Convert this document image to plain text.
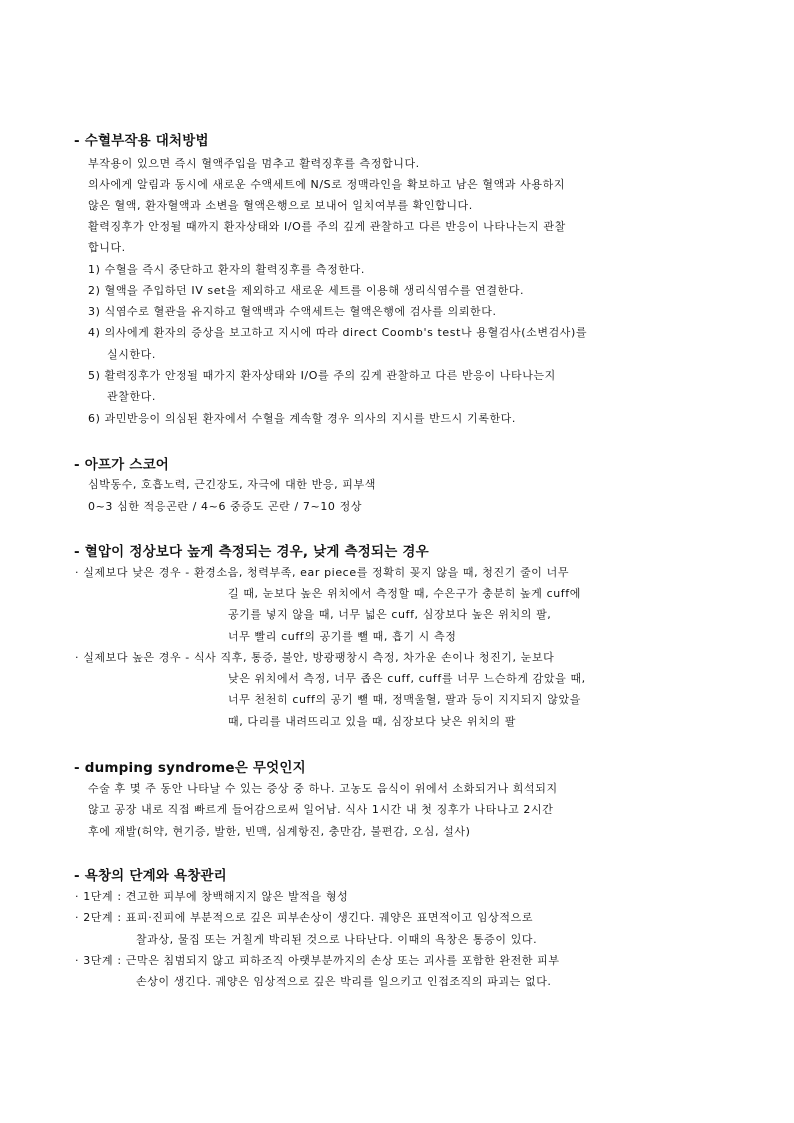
- 수혈부작용 대처방법
부작용이 있으면 즉시 혈액주입을 멈추고 활력징후를 측정합니다.
의사에게 알림과 동시에 새로운 수액세트에 N/S로 정맥라인을 확보하고 남은 혈액과 사용하지
않은 혈액, 환자혈액과 소변을 혈액은행으로 보내어 일치여부를 확인합니다.
활력징후가 안정될 때까지 환자상태와 I/O를 주의 깊게 관찰하고 다른 반응이 나타나는지 관찰
합니다.
1) 수혈을 즉시 중단하고 환자의 활력징후를 측정한다.
2) 혈액을 주입하던 IV set을 제외하고 새로운 세트를 이용해 생리식염수를 연결한다.
3) 식염수로 혈관을 유지하고 혈액백과 수액세트는 혈액은행에 검사를 의뢰한다.
4) 의사에게 환자의 증상을 보고하고 지시에 따라 direct Coomb's test나 용혈검사(소변검사)를
실시한다.
5) 활력징후가 안정될 때가지 환자상태와 I/O를 주의 깊게 관찰하고 다른 반응이 나타나는지
관찰한다.
6) 과민반응이 의심된 환자에서 수혈을 계속할 경우 의사의 지시를 반드시 기록한다.
- 아프가 스코어
심박동수, 호흡노력, 근긴장도, 자극에 대한 반응, 피부색
0~3 심한 적응곤란 / 4~6 중증도 곤란 / 7~10 정상
- 혈압이 정상보다 높게 측정되는 경우, 낮게 측정되는 경우
· 실제보다 낮은 경우 - 환경소음, 청력부족, ear piece를 정확히 꽂지 않을 때, 청진기 줄이 너무
길 때, 눈보다 높은 위치에서 측정할 때, 수은구가 충분히 높게 cuff에
공기를 넣지 않을 때, 너무 넓은 cuff, 심장보다 높은 위치의 팔,
너무 빨리 cuff의 공기를 뺄 때, 흡기 시 측정
· 실제보다 높은 경우 - 식사 직후, 통증, 불안, 방광팽창시 측정, 차가운 손이나 청진기, 눈보다
낮은 위치에서 측정, 너무 좁은 cuff, cuff를 너무 느슨하게 감았을 때,
너무 천천히 cuff의 공기 뺄 때, 정맥울혈, 팔과 등이 지지되지 않았을
때, 다리를 내려뜨리고 있을 때, 심장보다 낮은 위치의 팔
- dumping syndrome은 무엇인지
수술 후 몇 주 동안 나타날 수 있는 증상 중 하나. 고농도 음식이 위에서 소화되거나 희석되지
않고 공장 내로 직접 빠르게 들어감으로써 일어남. 식사 1시간 내 첫 징후가 나타나고 2시간
후에 재발(허약, 현기증, 발한, 빈맥, 심계항진, 충만감, 불편감, 오심, 설사)
- 욕창의 단계와 욕창관리
· 1단계 : 견고한 피부에 창백해지지 않은 발적을 형성
· 2단계 : 표피·진피에 부분적으로 깊은 피부손상이 생긴다. 궤양은 표면적이고 임상적으로
찰과상, 물집 또는 거칠게 박리된 것으로 나타난다. 이때의 욕창은 통증이 있다.
· 3단계 : 근막은 침범되지 않고 피하조직 아랫부분까지의 손상 또는 괴사를 포함한 완전한 피부
손상이 생긴다. 궤양은 임상적으로 깊은 박리를 일으키고 인접조직의 파괴는 없다.
